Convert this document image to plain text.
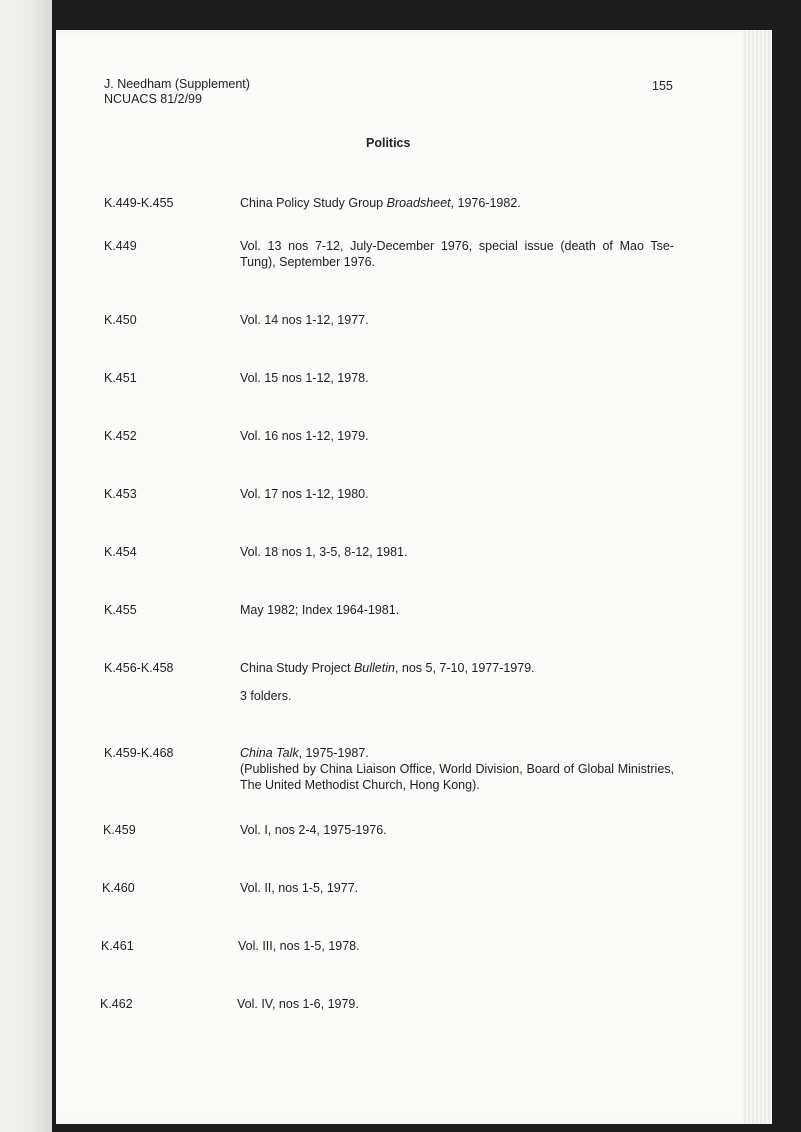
J. Needham (Supplement)
NCUACS 81/2/99
155
Politics
K.449-K.455	China Policy Study Group Broadsheet, 1976-1982.
K.449	Vol. 13 nos 7-12, July-December 1976, special issue (death of Mao Tse-Tung), September 1976.
K.450	Vol. 14 nos 1-12, 1977.
K.451	Vol. 15 nos 1-12, 1978.
K.452	Vol. 16 nos 1-12, 1979.
K.453	Vol. 17 nos 1-12, 1980.
K.454	Vol. 18 nos 1, 3-5, 8-12, 1981.
K.455	May 1982; Index 1964-1981.
K.456-K.458	China Study Project Bulletin, nos 5, 7-10, 1977-1979.
3 folders.
K.459-K.468	China Talk, 1975-1987.
(Published by China Liaison Office, World Division, Board of Global Ministries, The United Methodist Church, Hong Kong).
K.459	Vol. I, nos 2-4, 1975-1976.
K.460	Vol. II, nos 1-5, 1977.
K.461	Vol. III, nos 1-5, 1978.
K.462	Vol. IV, nos 1-6, 1979.
